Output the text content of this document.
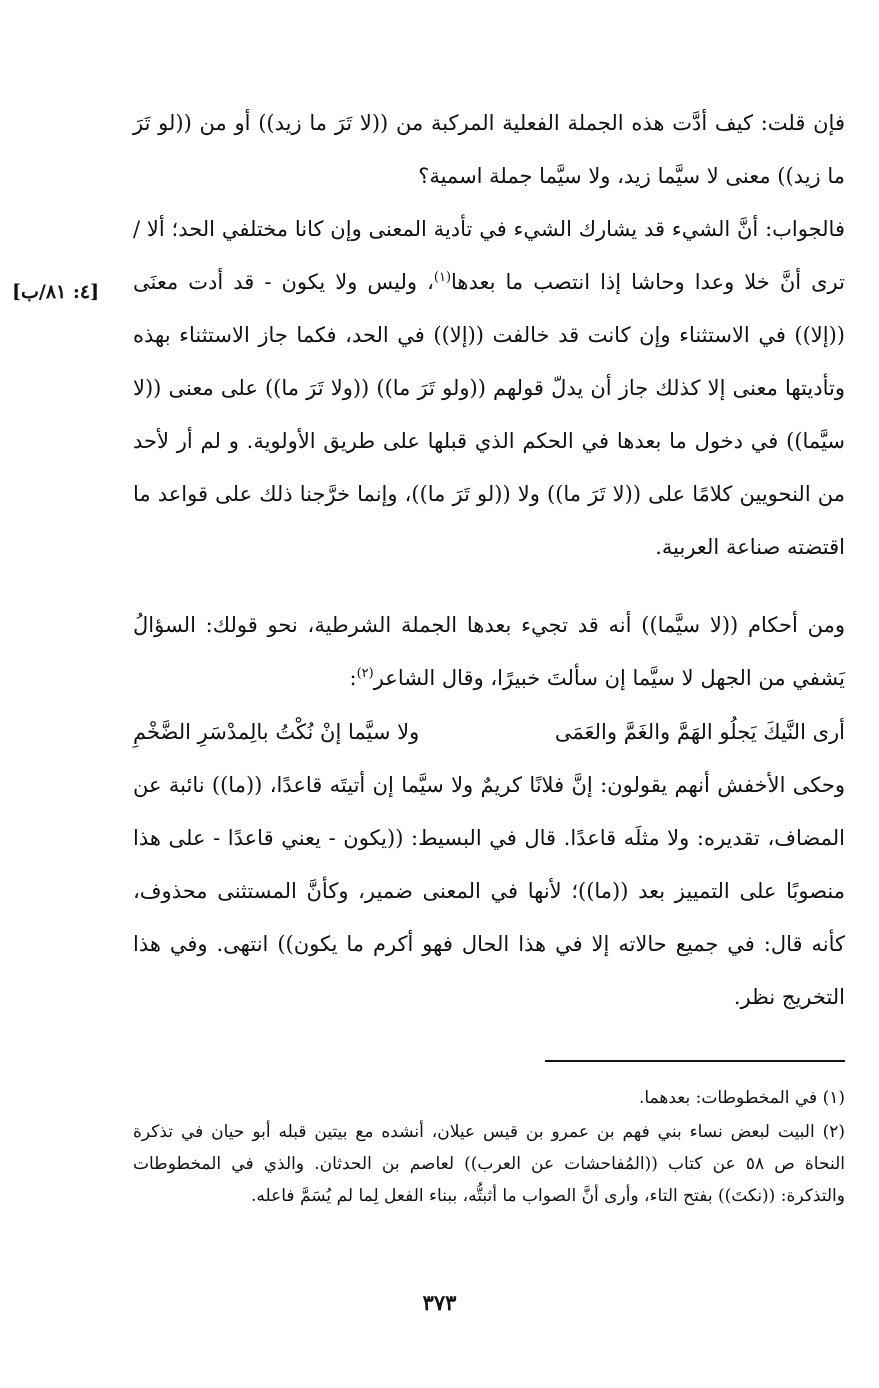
[٤: ٨١/ب]

فإن قلت: كيف أدَّت هذه الجملة الفعلية المركبة من ((لا تَرَ ما زيد)) أو من ((لو تَرَ ما زيد)) معنى لا سيَّما زيد، ولا سيَّما جملة اسمية؟

فالجواب: أنَّ الشيء قد يشارك الشيء في تأدية المعنى وإن كانا مختلفي الحد؛ ألا /ترى أنَّ خلا وعدا وحاشا إذا انتصب ما بعدها$^{(١)}$، وليس ولا يكون - قد أدت معنَى ((إلا)) في الاستثناء وإن كانت قد خالفت ((إلا)) في الحد، فكما جاز الاستثناء بهذه وتأديتها معنى إلا كذلك جاز أن يدلّ قولهم ((ولو تَرَ ما)) ((ولا تَرَ ما)) على معنى ((لا سيَّما)) في دخول ما بعدها في الحكم الذي قبلها على طريق الأولوية. و لم أر لأحد من النحويين كلامًا على ((لا تَرَ ما)) ولا ((لو تَرَ ما))، وإنما خرَّجنا ذلك على قواعد ما اقتضته صناعة العربية.

ومن أحكام ((لا سيَّما)) أنه قد تجيء بعدها الجملة الشرطية، نحو قولك: السؤالُ يَشفي من الجهل لا سيَّما إن سألتَ خبيرًا، وقال الشاعر$^{(٢)}$:

أرى النَّيكَ يَجلُو الهَمَّ والغَمَّ والعَمَى
ولا سيَّما إنْ نُكْتُ بالِمدْسَرِ الضَّخْمِ

وحكى الأخفش أنهم يقولون: إنَّ فلانًا كريمٌ ولا سيَّما إن أتيتَه قاعدًا، ((ما)) نائبة عن المضاف، تقديره: ولا مثلَه قاعدًا. قال في البسيط: ((يكون - يعني قاعدًا - على هذا منصوبًا على التمييز بعد ((ما))؛ لأنها في المعنى ضمير، وكأنَّ المستثنى محذوف، كأنه قال: في جميع حالاته إلا في هذا الحال فهو أكرم ما يكون)) انتهى. وفي هذا التخريج نظر.

(١) في المخطوطات: بعدهما.

(٢) البيت لبعض نساء بني فهم بن عمرو بن قيس عيلان، أنشده مع بيتين قبله أبو حيان في تذكرة النحاة ص ٥٨ عن كتاب ((المُفاحشات عن العرب)) لعاصم بن الحدثان. والذي في المخطوطات والتذكرة: ((نكتَ)) بفتح التاء، وأرى أنَّ الصواب ما أثبتُّه، ببناء الفعل لِما لم يُسَمَّ فاعله.

٣٧٣
